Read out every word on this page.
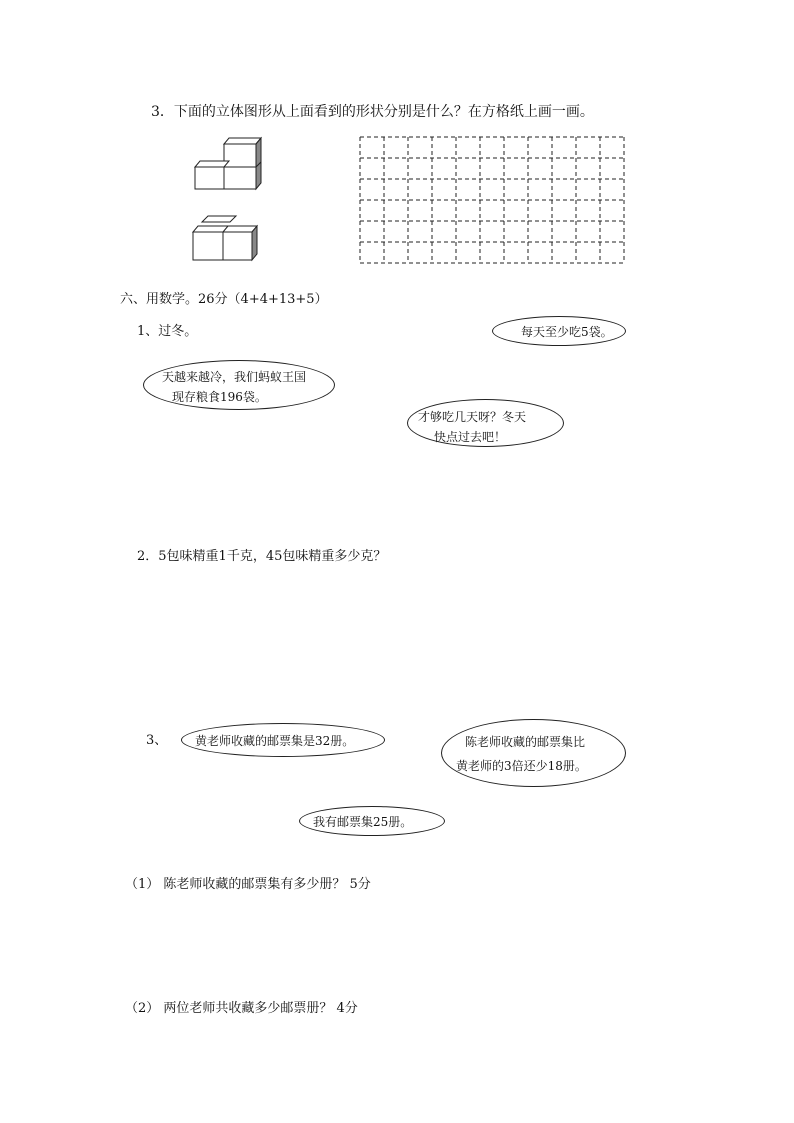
3．下面的立体图形从上面看到的形状分别是什么？在方格纸上画一画。
六、用数学。26分（4+4+13+5）
1、过冬。	每天至少吃5袋。
天越来越冷，我们蚂蚁王国
现存粮食196袋。
才够吃几天呀？冬天
快点过去吧！
2．5包味精重1千克，45包味精重多少克？
3、 黄老师收藏的邮票集是32册。	陈老师收藏的邮票集比
黄老师的3倍还少18册。
我有邮票集25册。
（1） 陈老师收藏的邮票集有多少册？ 5分
（2） 两位老师共收藏多少邮票册？ 4分
